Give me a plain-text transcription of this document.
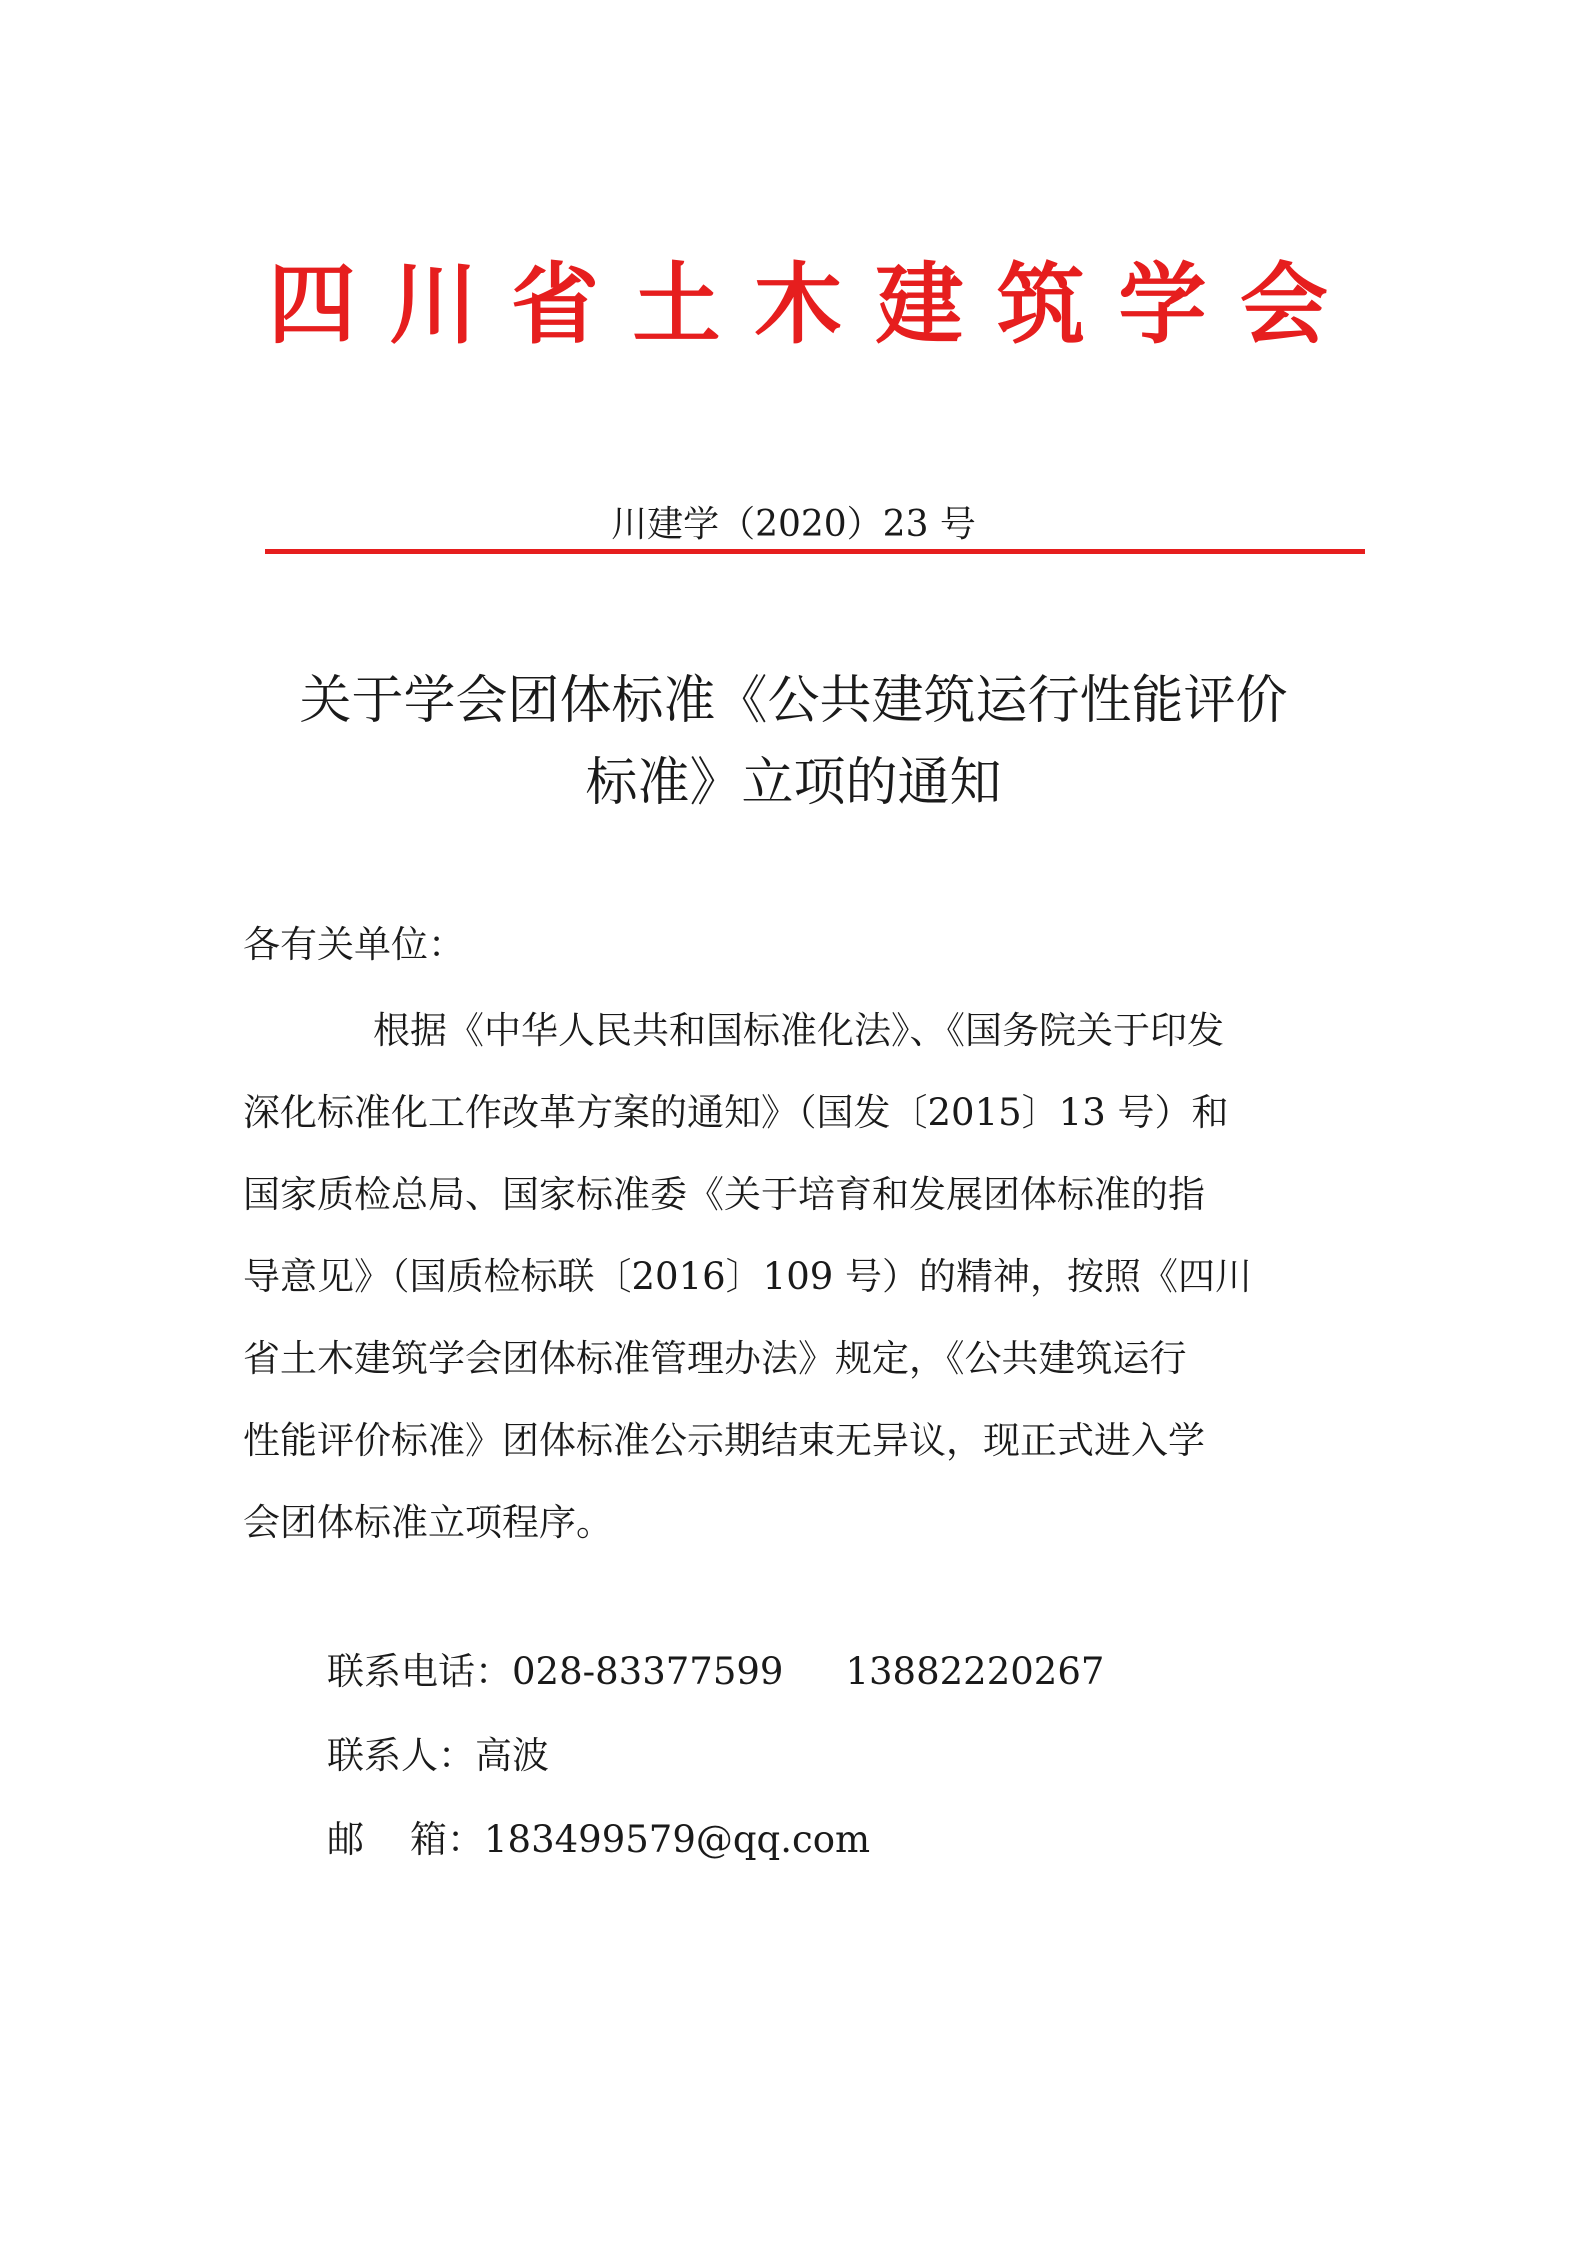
四 川 省 土 木 建 筑 学 会
川建学（2020）23 号
关于学会团体标准《公共建筑运行性能评价
标准》立项的通知
各有关单位：
根据《中华人民共和国标准化法》、《国务院关于印发
深化标准化工作改革方案的通知》（国发〔2015〕13 号）和
国家质检总局、国家标准委《关于培育和发展团体标准的指
导意见》（国质检标联〔2016〕109 号）的精神，按照《四川
省土木建筑学会团体标准管理办法》规定，《公共建筑运行
性能评价标准》团体标准公示期结束无异议，现正式进入学
会团体标准立项程序。
联系电话：028-83377599 13882220267
联系人：高波
邮 箱：183499579@qq.com
